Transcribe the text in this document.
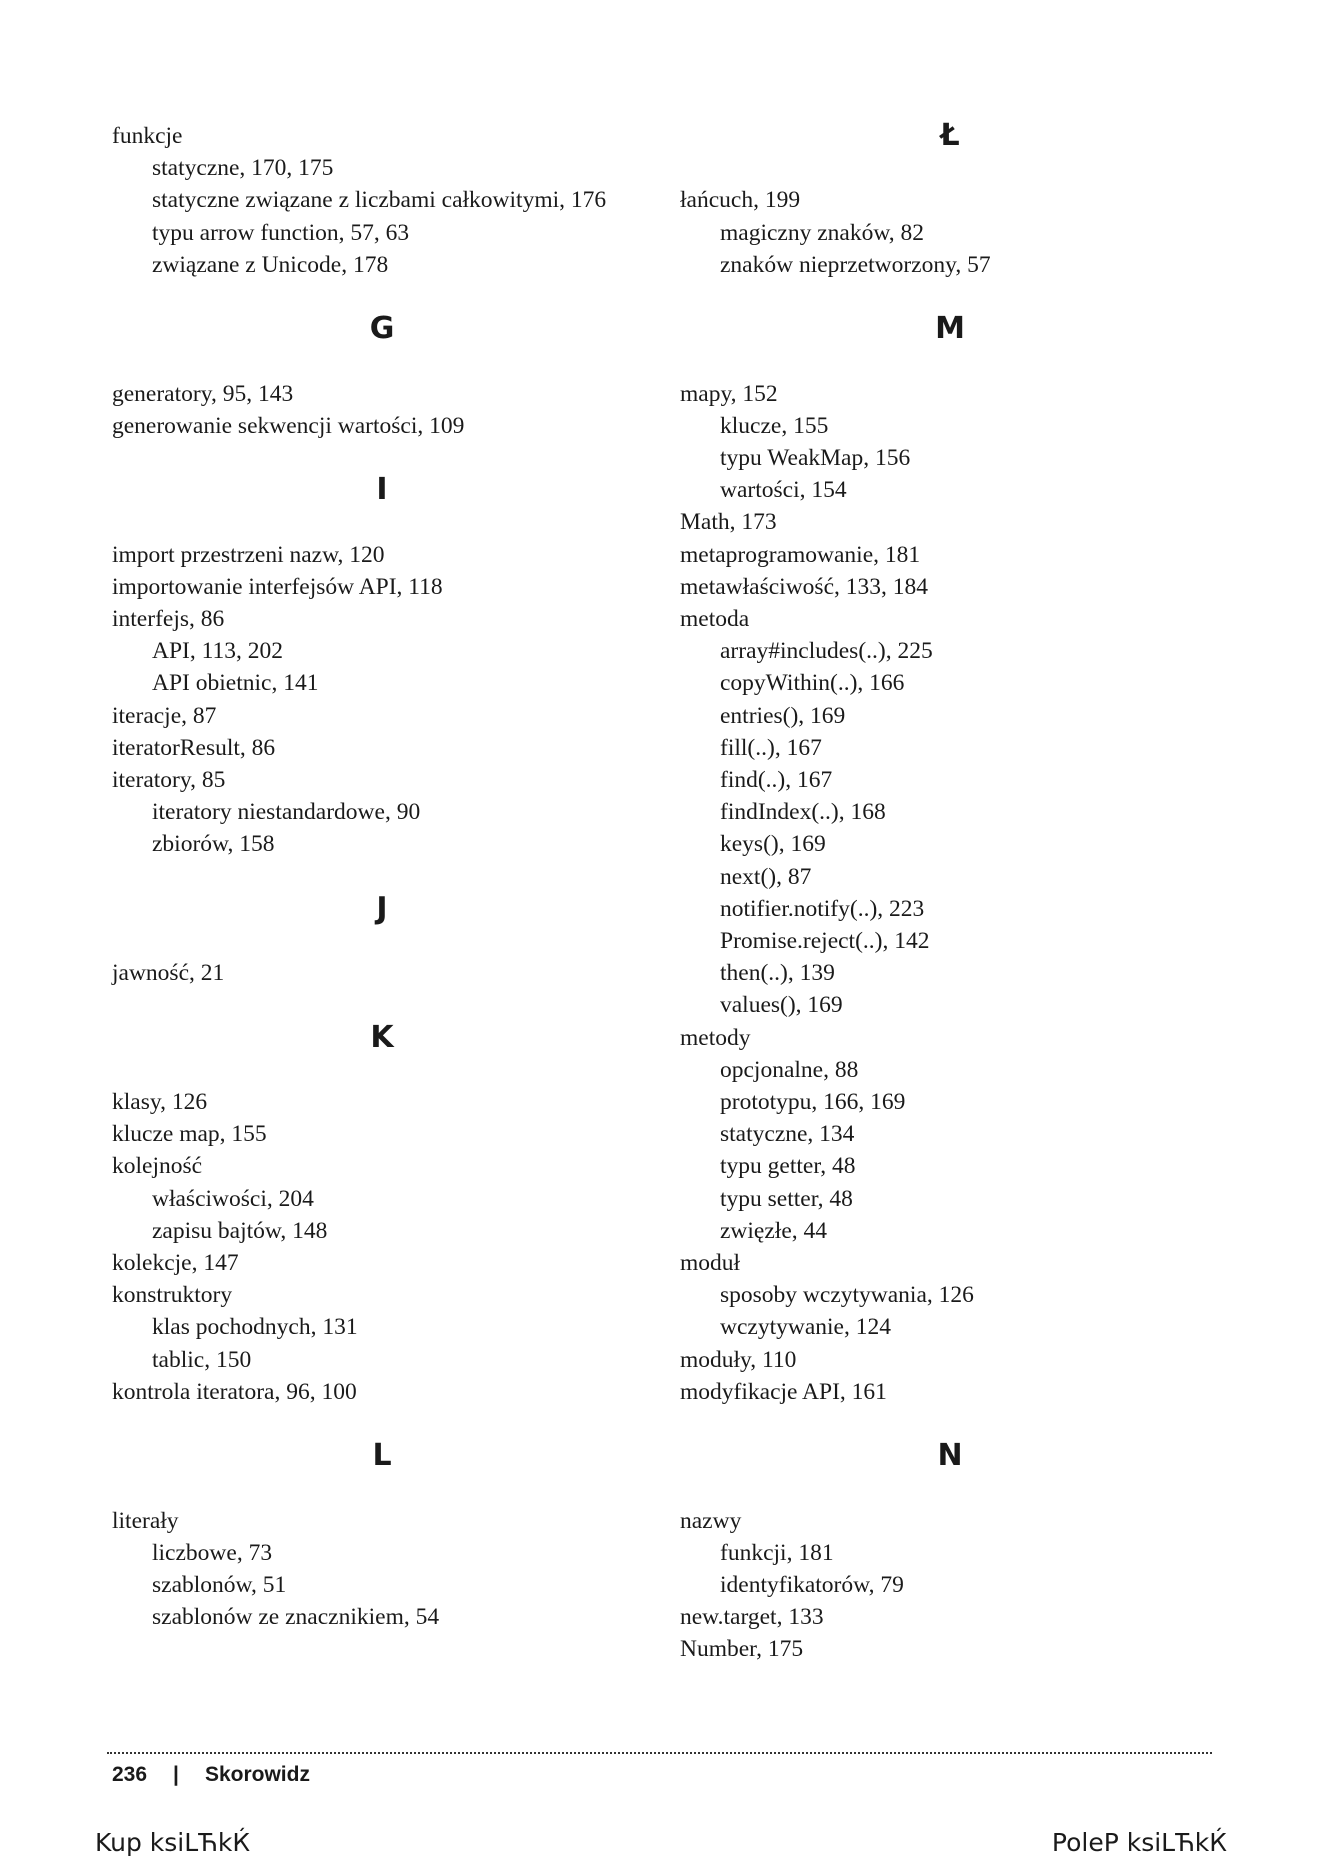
funkcje
statyczne, 170, 175
statyczne związane z liczbami całkowitymi, 176
typu arrow function, 57, 63
związane z Unicode, 178
G
generatory, 95, 143
generowanie sekwencji wartości, 109
I
import przestrzeni nazw, 120
importowanie interfejsów API, 118
interfejs, 86
API, 113, 202
API obietnic, 141
iteracje, 87
iteratorResult, 86
iteratory, 85
iteratory niestandardowe, 90
zbiorów, 158
J
jawność, 21
K
klasy, 126
klucze map, 155
kolejność
właściwości, 204
zapisu bajtów, 148
kolekcje, 147
konstruktory
klas pochodnych, 131
tablic, 150
kontrola iteratora, 96, 100
L
literały
liczbowe, 73
szablonów, 51
szablonów ze znacznikiem, 54
Ł
łańcuch, 199
magiczny znaków, 82
znaków nieprzetworzony, 57
M
mapy, 152
klucze, 155
typu WeakMap, 156
wartości, 154
Math, 173
metaprogramowanie, 181
metawłaściwość, 133, 184
metoda
array#includes(..), 225
copyWithin(..), 166
entries(), 169
fill(..), 167
find(..), 167
findIndex(..), 168
keys(), 169
next(), 87
notifier.notify(..), 223
Promise.reject(..), 142
then(..), 139
values(), 169
metody
opcjonalne, 88
prototypu, 166, 169
statyczne, 134
typu getter, 48
typu setter, 48
zwięzłe, 44
moduł
sposoby wczytywania, 126
wczytywanie, 124
moduły, 110
modyfikacje API, 161
N
nazwy
funkcji, 181
identyfikatorów, 79
new.target, 133
Number, 175
236 | Skorowidz
Kup ksiLЋkЌ	PoleP ksiLЋkЌ
